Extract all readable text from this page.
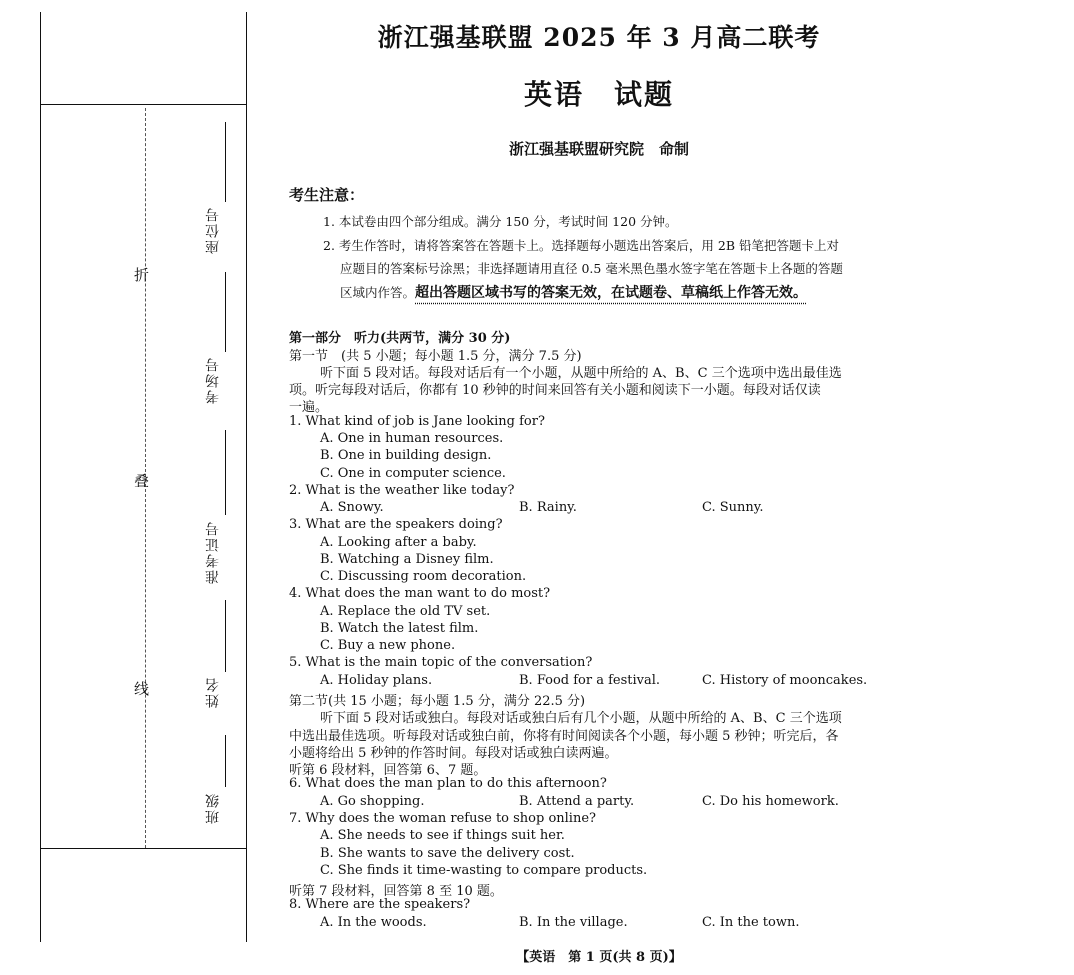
折
叠
线
座位号
考场号
准考证号
姓名
班级
浙江强基联盟 2025 年 3 月高二联考
英语　试题
浙江强基联盟研究院　命制
考生注意：
1. 本试卷由四个部分组成。满分 150 分，考试时间 120 分钟。
2. 考生作答时，请将答案答在答题卡上。选择题每小题选出答案后，用 2B 铅笔把答题卡上对
应题目的答案标号涂黑；非选择题请用直径 0.5 毫米黑色墨水签字笔在答题卡上各题的答题
区域内作答。超出答题区域书写的答案无效，在试题卷、草稿纸上作答无效。
第一部分　听力(共两节，满分 30 分)
第一节　(共 5 小题；每小题 1.5 分，满分 7.5 分)
听下面 5 段对话。每段对话后有一个小题，从题中所给的 A、B、C 三个选项中选出最佳选
项。听完每段对话后，你都有 10 秒钟的时间来回答有关小题和阅读下一小题。每段对话仅读
一遍。
1. What kind of job is Jane looking for?
A. One in human resources.
B. One in building design.
C. One in computer science.
2. What is the weather like today?
A. Snowy.	B. Rainy.	C. Sunny.
3. What are the speakers doing?
A. Looking after a baby.
B. Watching a Disney film.
C. Discussing room decoration.
4. What does the man want to do most?
A. Replace the old TV set.
B. Watch the latest film.
C. Buy a new phone.
5. What is the main topic of the conversation?
A. Holiday plans.	B. Food for a festival.	C. History of mooncakes.
第二节(共 15 小题；每小题 1.5 分，满分 22.5 分)
听下面 5 段对话或独白。每段对话或独白后有几个小题，从题中所给的 A、B、C 三个选项
中选出最佳选项。听每段对话或独白前，你将有时间阅读各个小题，每小题 5 秒钟；听完后，各
小题将给出 5 秒钟的作答时间。每段对话或独白读两遍。
听第 6 段材料，回答第 6、7 题。
6. What does the man plan to do this afternoon?
A. Go shopping.	B. Attend a party.	C. Do his homework.
7. Why does the woman refuse to shop online?
A. She needs to see if things suit her.
B. She wants to save the delivery cost.
C. She finds it time-wasting to compare products.
听第 7 段材料，回答第 8 至 10 题。
8. Where are the speakers?
A. In the woods.	B. In the village.	C. In the town.
【英语　第 1 页(共 8 页)】
